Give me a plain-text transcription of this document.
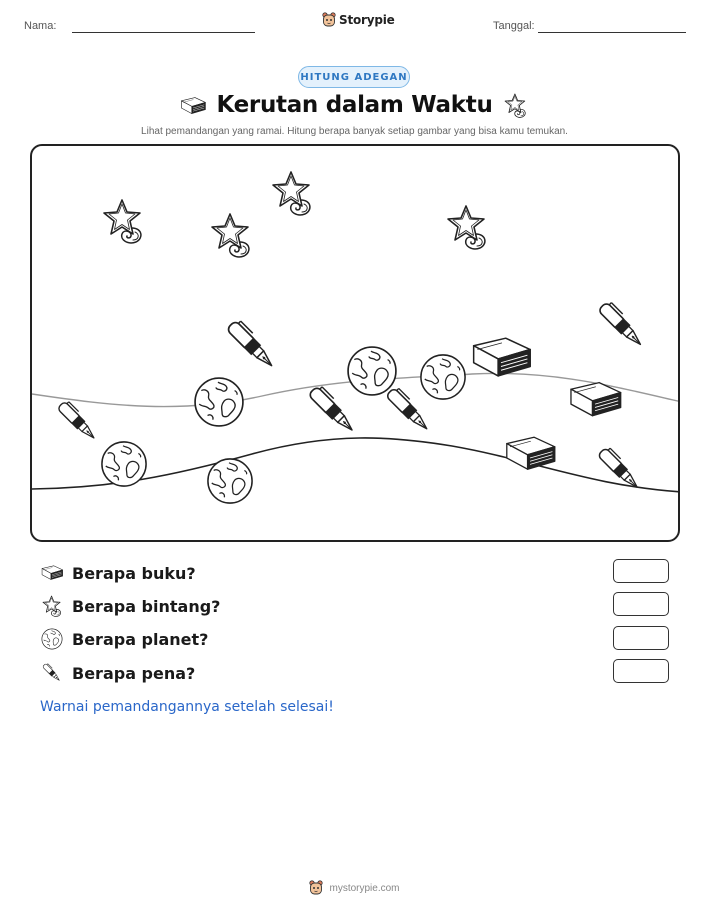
Nama:	Storypie	Tanggal:
HITUNG ADEGAN
Kerutan dalam Waktu
Lihat pemandangan yang ramai. Hitung berapa banyak setiap gambar yang bisa kamu temukan.
Berapa buku?
Berapa bintang?
Berapa planet?
Berapa pena?
Warnai pemandangannya setelah selesai!
mystorypie.com
